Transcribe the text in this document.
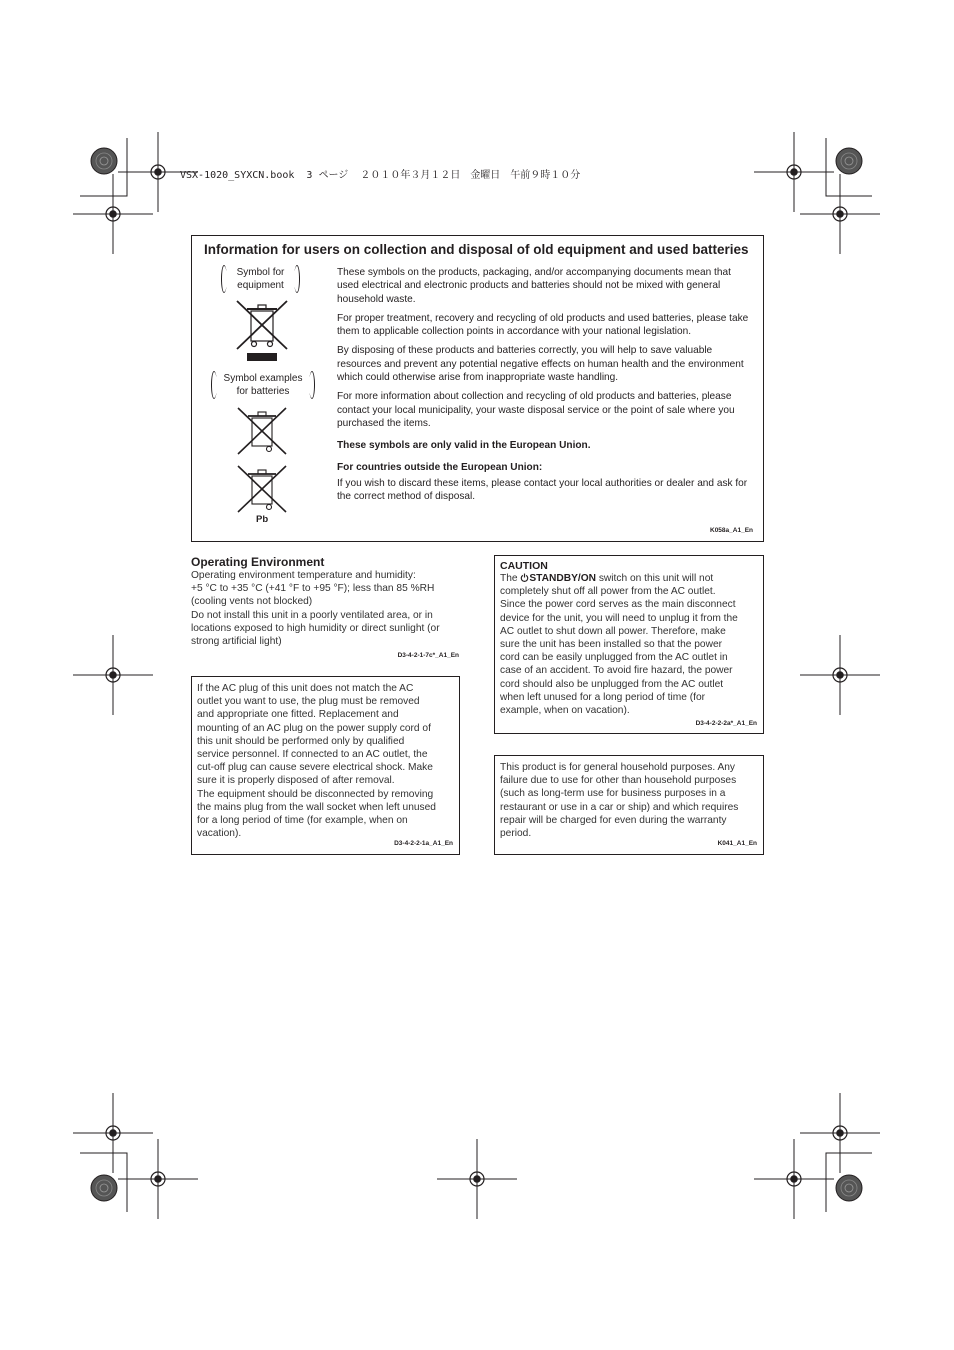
VSX-1020_SYXCN.book  3 ページ  ２０１０年３月１２日　金曜日　午前９時１０分
Information for users on collection and disposal of old equipment and used batteries
Symbol for
equipment
Symbol examples
for batteries
Pb

These symbols on the products, packaging, and/or accompanying documents mean that used electrical and electronic products and batteries should not be mixed with general household waste.

For proper treatment, recovery and recycling of old products and used batteries, please take them to applicable collection points in accordance with your national legislation.

By disposing of these products and batteries correctly, you will help to save valuable resources and prevent any potential negative effects on human health and the environment which could otherwise arise from inappropriate waste handling.

For more information about collection and recycling of old products and batteries, please contact your local municipality, your waste disposal service or the point of sale where you purchased the items.

These symbols are only valid in the European Union.

For countries outside the European Union:

If you wish to discard these items, please contact your local authorities or dealer and ask for the correct method of disposal.

K058a_A1_En
Operating Environment

Operating environment temperature and humidity:

+5 °C to +35 °C (+41 °F to +95 °F); less than 85 %RH

(cooling vents not blocked)

Do not install this unit in a poorly ventilated area, or in

locations exposed to high humidity or direct sunlight (or

strong artificial light)

D3-4-2-1-7c*_A1_En

If the AC plug of this unit does not match the AC

outlet you want to use, the plug must be removed

and appropriate one fitted. Replacement and

mounting of an AC plug on the power supply cord of

this unit should be performed only by qualified

service personnel. If connected to an AC outlet, the

cut-off plug can cause severe electrical shock. Make

sure it is properly disposed of after removal.

The equipment should be disconnected by removing

the mains plug from the wall socket when left unused

for a long period of time (for example, when on

vacation).

D3-4-2-2-1a_A1_En
CAUTION

The STANDBY/ON switch on this unit will not

completely shut off all power from the AC outlet.

Since the power cord serves as the main disconnect

device for the unit, you will need to unplug it from the

AC outlet to shut down all power. Therefore, make

sure the unit has been installed so that the power

cord can be easily unplugged from the AC outlet in

case of an accident. To avoid fire hazard, the power

cord should also be unplugged from the AC outlet

when left unused for a long period of time (for

example, when on vacation).

D3-4-2-2-2a*_A1_En

This product is for general household purposes. Any

failure due to use for other than household purposes

(such as long-term use for business purposes in a

restaurant or use in a car or ship) and which requires

repair will be charged for even during the warranty

period.

K041_A1_En
